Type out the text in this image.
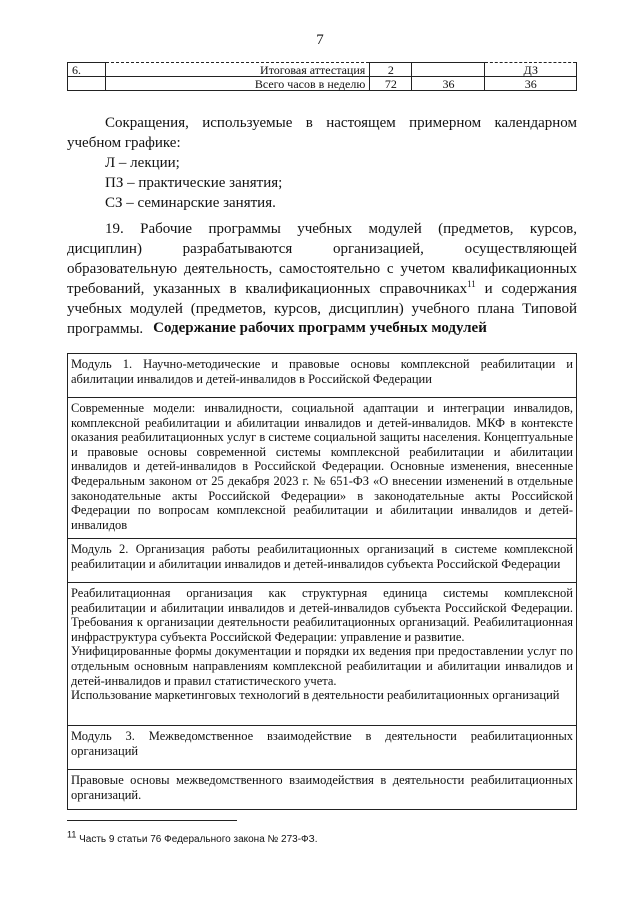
7
6.	Итоговая аттестация	2		ДЗ
	Всего часов в неделю	72	36	36
Сокращения, используемые в настоящем примерном календарном учебном графике:
Л – лекции;
ПЗ – практические занятия;
СЗ – семинарские занятия.
19. Рабочие программы учебных модулей (предметов, курсов, дисциплин) разрабатываются организацией, осуществляющей образовательную деятельность, самостоятельно с учетом квалификационных требований, указанных в квалификационных справочниках$^{11}$ и содержания учебных модулей (предметов, курсов, дисциплин) учебного плана Типовой программы. Содержание рабочих программ учебных модулей
Модуль 1. Научно-методические и правовые основы комплексной реабилитации и абилитации инвалидов и детей-инвалидов в Российской Федерации
Современные модели: инвалидности, социальной адаптации и интеграции инвалидов, комплексной реабилитации и абилитации инвалидов и детей-инвалидов. МКФ в контексте оказания реабилитационных услуг в системе социальной защиты населения. Концептуальные и правовые основы современной системы комплексной реабилитации и абилитации инвалидов и детей-инвалидов в Российской Федерации. Основные изменения, внесенные Федеральным законом от 25 декабря 2023 г. № 651-ФЗ «О внесении изменений в отдельные законодательные акты Российской Федерации» в законодательные акты Российской Федерации по вопросам комплексной реабилитации и абилитации инвалидов и детей-инвалидов
Модуль 2. Организация работы реабилитационных организаций в системе комплексной реабилитации и абилитации инвалидов и детей-инвалидов субъекта Российской Федерации
Реабилитационная организация как структурная единица системы комплексной реабилитации и абилитации инвалидов и детей-инвалидов субъекта Российской Федерации. Требования к организации деятельности реабилитационных организаций. Реабилитационная инфраструктура субъекта Российской Федерации: управление и развитие.
Унифицированные формы документации и порядки их ведения при предоставлении услуг по отдельным основным направлениям комплексной реабилитации и абилитации инвалидов и детей-инвалидов и правил статистического учета.
Использование маркетинговых технологий в деятельности реабилитационных организаций
Модуль 3. Межведомственное взаимодействие в деятельности реабилитационных организаций
Правовые основы межведомственного взаимодействия в деятельности реабилитационных организаций.
$^{11}$ Часть 9 статьи 76 Федерального закона № 273-ФЗ.
